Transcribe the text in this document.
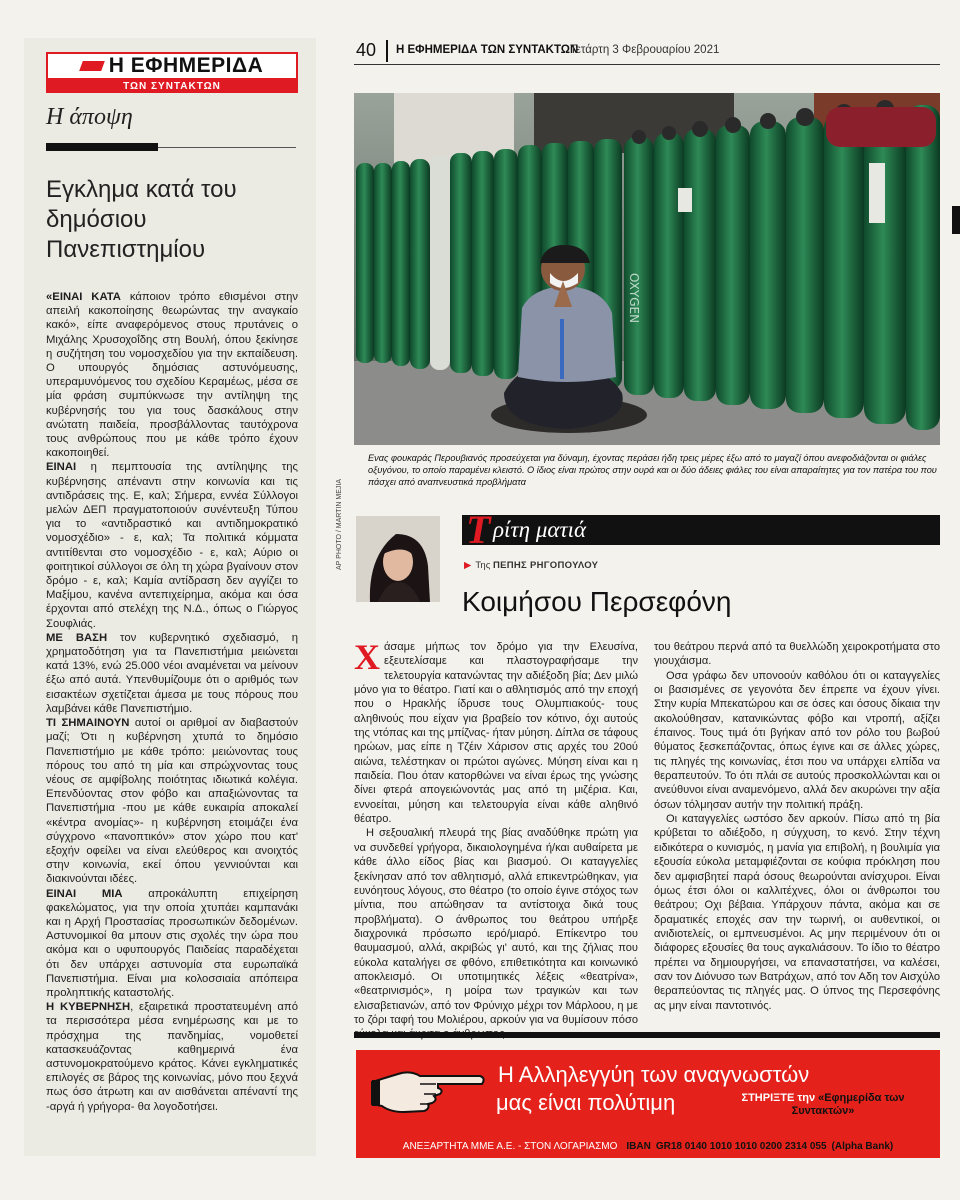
Η ΕΦΗΜΕΡΙΔΑ
ΤΩΝ ΣΥΝΤΑΚΤΩΝ
Η άποψη
Εγκλημα κατά του δημόσιου Πανεπιστημίου

«ΕΙΝΑΙ ΚΑΤΑ κάποιον τρόπο εθισμένοι στην απειλή κακοποίησης θεωρώντας την αναγκαίο κακό», είπε αναφερόμενος στους πρυτάνεις ο Μιχάλης Χρυσοχοΐδης στη Βουλή, όπου ξεκίνησε η συζήτηση του νομοσχεδίου για την εκπαίδευση. Ο υπουργός δημόσιας αστυνόμευσης, υπεραμυνόμενος του σχεδίου Κεραμέως, μέσα σε μία φράση συμπύκνωσε την αντίληψη της κυβέρνησής του για τους δασκάλους στην ανώτατη παιδεία, προσβάλλοντας ταυτόχρονα τους ανθρώπους που με κάθε τρόπο έχουν κακοποιηθεί.

ΕΙΝΑΙ η πεμπτουσία της αντίληψης της κυβέρνησης απέναντι στην κοινωνία και τις αντιδράσεις της. Ε, καλ; Σήμερα, εννέα Σύλλογοι μελών ΔΕΠ πραγματοποιούν συνέντευξη Τύπου για το «αντιδραστικό και αντιδημοκρατικό νομοσχέδιο» - ε, καλ; Τα πολιτικά κόμματα αντιτίθενται στο νομοσχέδιο - ε, καλ; Αύριο οι φοιτητικοί σύλλογοι σε όλη τη χώρα βγαίνουν στον δρόμο - ε, καλ; Καμία αντίδραση δεν αγγίζει το Μαξίμου, κανένα αντεπιχείρημα, ακόμα και όσα έρχονται από στελέχη της Ν.Δ., όπως ο Γιώργος Σουφλιάς.

ΜΕ ΒΑΣΗ τον κυβερνητικό σχεδιασμό, η χρηματοδότηση για τα Πανεπιστήμια μειώνεται κατά 13%, ενώ 25.000 νέοι αναμένεται να μείνουν έξω από αυτά. Υπενθυμίζουμε ότι ο αριθμός των εισακτέων σχετίζεται άμεσα με τους πόρους που λαμβάνει κάθε Πανεπιστήμιο.

ΤΙ ΣΗΜΑΙΝΟΥΝ αυτοί οι αριθμοί αν διαβαστούν μαζί; Ότι η κυβέρνηση χτυπά το δημόσιο Πανεπιστήμιο με κάθε τρόπο: μειώνοντας τους πόρους του από τη μία και σπρώχνοντας τους νέους σε αμφίβολης ποιότητας ιδιωτικά κολέγια. Επενδύοντας στον φόβο και απαξιώνοντας τα Πανεπιστήμια -που με κάθε ευκαιρία αποκαλεί «κέντρα ανομίας»- η κυβέρνηση ετοιμάζει ένα σύγχρονο «πανοπτικόν» στον χώρο που κατ' εξοχήν οφείλει να είναι ελεύθερος και ανοιχτός στην κοινωνία, εκεί όπου γεννιούνται και διακινούνται ιδέες.

ΕΙΝΑΙ ΜΙΑ απροκάλυπτη επιχείρηση φακελώματος, για την οποία χτυπάει καμπανάκι και η Αρχή Προστασίας προσωπικών δεδομένων. Αστυνομικοί θα μπουν στις σχολές την ώρα που ακόμα και ο υφυπουργός Παιδείας παραδέχεται ότι δεν υπάρχει αστυνομία στα ευρωπαϊκά Πανεπιστήμια. Είναι μια κολοσσιαία απόπειρα προληπτικής καταστολής.

Η ΚΥΒΕΡΝΗΣΗ, εξαιρετικά προστατευμένη από τα περισσότερα μέσα ενημέρωσης και με το πρόσχημα της πανδημίας, νομοθετεί κατασκευάζοντας καθημερινά ένα αστυνομοκρατούμενο κράτος. Κάνει εγκληματικές επιλογές σε βάρος της κοινωνίας, μόνο που ξεχνά πως όσο άτρωτη και αν αισθάνεται απέναντί της -αργά ή γρήγορα- θα λογοδοτήσει.

40 Η ΕΦΗΜΕΡΙΔΑ ΤΩΝ ΣΥΝΤΑΚΤΩΝ
Τετάρτη 3 Φεβρουαρίου 2021
OXYGEN
AP PHOTO / MARTIN MEJIA
Ενας φουκαράς Περουβιανός προσεύχεται για δύναμη, έχοντας περάσει ήδη τρεις μέρες έξω από το μαγαζί όπου ανεφοδιάζονται οι φιάλες οξυγόνου, το οποίο παραμένει κλειστό. Ο ίδιος είναι πρώτος στην ουρά και οι δύο άδειες φιάλες του είναι απαραίτητες για τον πατέρα του που πάσχει από αναπνευστικά προβλήματα
Τ ρίτη ματιά
▶ Της ΠΕΠΗΣ ΡΗΓΟΠΟΥΛΟΥ
Κοιμήσου Περσεφόνη

Χάσαμε μήπως τον δρόμο για την Ελευσίνα, εξευτελίσαμε και πλαστογραφήσαμε την τελετουργία κατανώντας την αδιέξοδη βία; Δεν μιλώ μόνο για το θέατρο. Γιατί και ο αθλητισμός από την εποχή που ο Ηρακλής ίδρυσε τους Ολυμπιακούς- τους αληθινούς που είχαν για βραβείο τον κότινο, όχι αυτούς της ντόπας και της μπίζνας- ήταν μύηση. Δίπλα σε τάφους ηρώων, μας είπε η Τζέιν Χάρισον στις αρχές του 20ού αιώνα, τελέστηκαν οι πρώτοι αγώνες. Μύηση είναι και η παιδεία. Που όταν κατορθώνει να είναι έρως της γνώσης δίνει φτερά απογειώνοντάς μας από τη μιζέρια. Και, εννοείται, μύηση και τελετουργία είναι κάθε αληθινό θέατρο.

Η σεξουαλική πλευρά της βίας αναδύθηκε πρώτη για να συνδεθεί γρήγορα, δικαιολογημένα ή/και αυθαίρετα με κάθε άλλο είδος βίας και βιασμού. Οι καταγγελίες ξεκίνησαν από τον αθλητισμό, αλλά επικεντρώθηκαν, για ευνόητους λόγους, στο θέατρο (το οποίο έγινε στόχος των μίντια, που απώθησαν τα αντίστοιχα δικά τους προβλήματα). Ο άνθρωπος του θεάτρου υπήρξε διαχρονικά πρόσωπο ιερό/μιαρό. Επίκεντρο του θαυμασμού, αλλά, ακριβώς γι' αυτό, και της ζήλιας που εύκολα καταλήγει σε φθόνο, επιθετικότητα και κοινωνικό αποκλεισμό. Οι υποτιμητικές λέξεις «θεατρίνα», «θεατρινισμός», η μοίρα των τραγικών και των ελισαβετιανών, από τον Φρύνιχο μέχρι τον Μάρλοου, η με το ζόρι ταφή του Μολιέρου, αρκούν για να θυμίσουν πόσο

του θεάτρου περνά από τα θυελλώδη χειροκροτήματα στο γιουχάισμα.

Οσα γράφω δεν υπονοούν καθόλου ότι οι καταγγελίες οι βασισμένες σε γεγονότα δεν έπρεπε να έχουν γίνει. Στην κυρία Μπεκατώρου και σε όσες και όσους δίκαια την ακολούθησαν, κατανικώντας φόβο και ντροπή, αξίζει έπαινος. Τους τιμά ότι βγήκαν από τον ρόλο του βωβού θύματος ξεσκεπάζοντας, όπως έγινε και σε άλλες χώρες, τις πληγές της κοινωνίας, έτσι που να υπάρχει ελπίδα να θεραπευτούν. Το ότι πλάι σε αυτούς προσκολλώνται και οι ανεύθυνοι είναι αναμενόμενο, αλλά δεν ακυρώνει την αξία όσων τόλμησαν αυτήν την πολιτική πράξη.

Οι καταγγελίες ωστόσο δεν αρκούν. Πίσω από τη βία κρύβεται το αδιέξοδο, η σύγχυση, το κενό. Στην τέχνη ειδικότερα ο κυνισμός, η μανία για επιβολή, η βουλιμία για εξουσία εύκολα μεταμφιέζονται σε κούφια πρόκληση που δεν αμφισβητεί παρά όσους θεωρούνται ανίσχυροι. Είναι όμως έτσι όλοι οι καλλιτέχνες, όλοι οι άνθρωποι του θεάτρου; Οχι βέβαια. Υπάρχουν πάντα, ακόμα και σε δραματικές εποχές σαν την τωρινή, οι αυθεντικοί, οι ανιδιοτελείς, οι εμπνευσμένοι. Ας μην περιμένουν ότι οι διάφορες εξουσίες θα τους αγκαλιάσουν. Το ίδιο το θέατρο πρέπει να δημιουργήσει, να επαναστατήσει, να καλέσει, σαν τον Διόνυσο των Βατράχων, από τον Αδη τον Αισχύλο θεραπεύοντας τις πληγές μας. Ο ύπνος της Περσεφόνης ας μην είναι παντοτινός.

Η Αλληλεγγύη των αναγνωστών
μας είναι πολύτιμη	ΣΤΗΡΙΞΤΕ την «Εφημερίδα των Συντακτών»
ΑΝΕΞΑΡΤΗΤΑ ΜΜΕ Α.Ε. - ΣΤΟΝ ΛΟΓΑΡΙΑΣΜΟ IBAN GR18 0140 1010 1010 0200 2314 055 (Alpha Bank)
